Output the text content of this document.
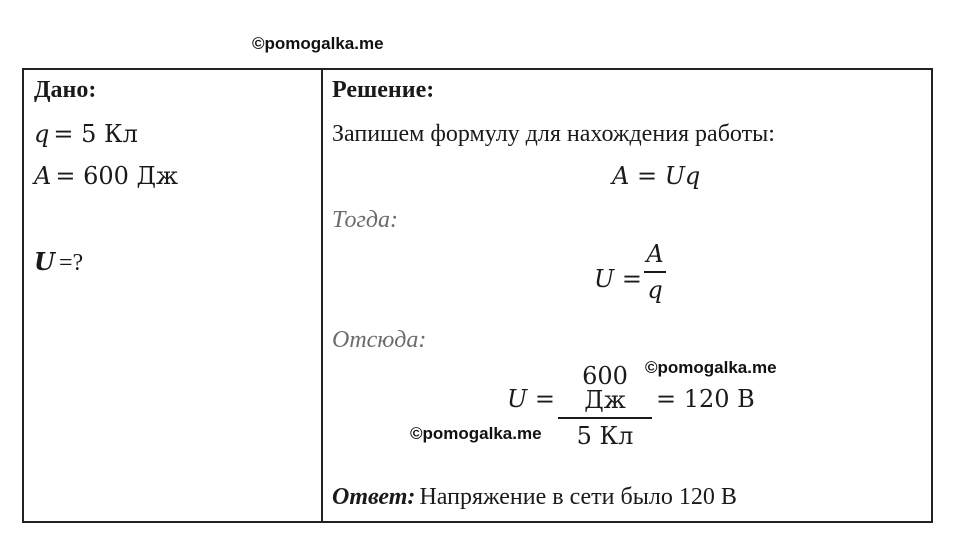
©pomogalka.me
Дано:
q = 5 Кл
A = 600 Дж
U =?
Решение:
Запишем формулу для нахождения работы:
A = Uq
Тогда:
U =
A
q
Отсюда:
U =
600 Дж
5 Кл
= 120 В
Ответ: Напряжение в сети было 120 В
©pomogalka.me
©pomogalka.me
